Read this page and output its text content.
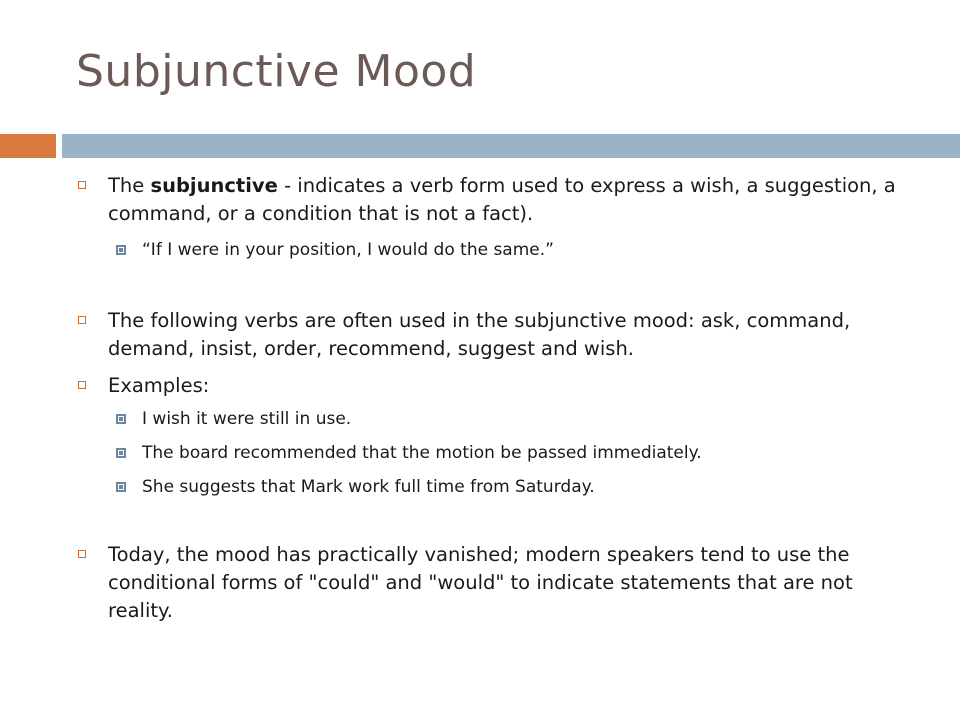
Subjunctive Mood
The subjunctive - indicates a verb form used to express a wish, a suggestion, a command, or a condition that is not a fact).
“If I were in your position, I would do the same.”
The following verbs are often used in the subjunctive mood: ask, command, demand, insist, order, recommend, suggest and wish.
Examples:
I wish it were still in use.
The board recommended that the motion be passed immediately.
She suggests that Mark work full time from Saturday.
Today, the mood has practically vanished; modern speakers tend to use the conditional forms of "could" and "would" to indicate statements that are not reality.
